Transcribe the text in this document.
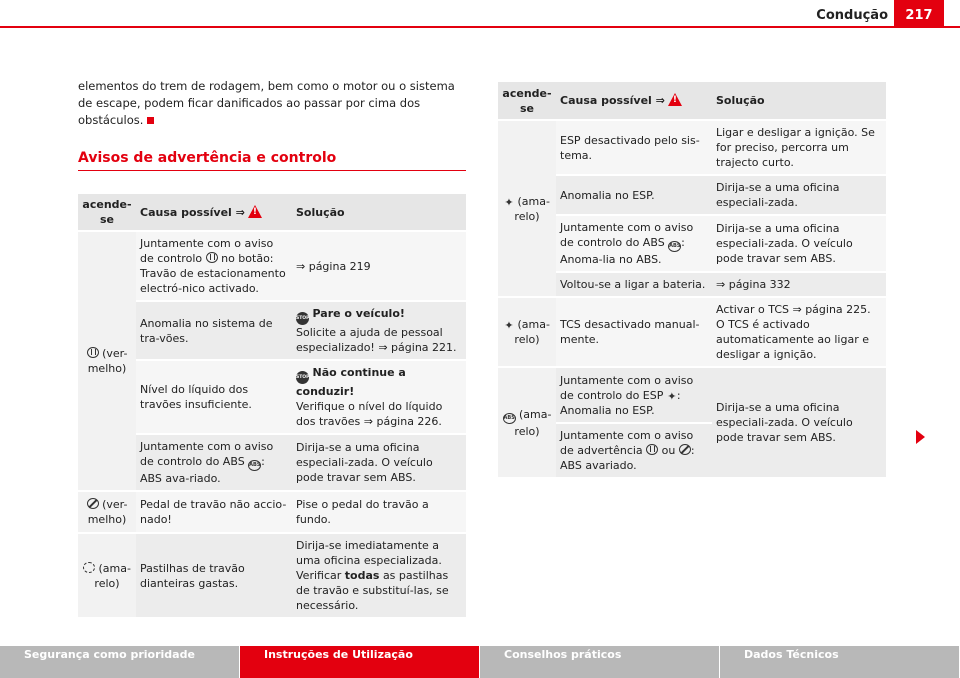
Condução	217

elementos do trem de rodagem, bem como o motor ou o sistema de escape, podem ficar danificados ao passar por cima dos obstáculos.

Avisos de advertência e controlo
acende-se	Causa possível ⇒!	Solução
(ver-melho)	Juntamente com o aviso de controlo no botão: Travão de estacionamento electró-nico activado.	⇒ página 219
	Anomalia no sistema de tra-vões.	STOP Pare o veículo!
Solicite a ajuda de pessoal especializado! ⇒ página 221.
	Nível do líquido dos travões insuficiente.	STOP Não continue a conduzir!
Verifique o nível do líquido dos travões ⇒ página 226.
	Juntamente com o aviso de controlo do ABS ABS: ABS ava-riado.	Dirija-se a uma oficina especiali-zada. O veículo pode travar sem ABS.
(ver-melho)	Pedal de travão não accio-nado!	Pise o pedal do travão a fundo.
(ama-relo)	Pastilhas de travão dianteiras gastas.	Dirija-se imediatamente a uma oficina especializada. Verificar todas as pastilhas de travão e substituí-las, se necessário.
acende-se	Causa possível ⇒!	Solução
✦ (ama-relo)	ESP desactivado pelo sis-tema.	Ligar e desligar a ignição. Se for preciso, percorra um trajecto curto.
	Anomalia no ESP.	Dirija-se a uma oficina especiali-zada.
	Juntamente com o aviso de controlo do ABS ABS: Anoma-lia no ABS.	Dirija-se a uma oficina especiali-zada. O veículo pode travar sem ABS.
	Voltou-se a ligar a bateria.	⇒ página 332
✦ (ama-relo)	TCS desactivado manual-mente.	Activar o TCS ⇒ página 225. O TCS é activado automaticamente ao ligar e desligar a ignição.
ABS (ama-relo)	Juntamente com o aviso de controlo do ESP ✦: Anomalia no ESP.	Dirija-se a uma oficina especiali-zada. O veículo pode travar sem ABS.
	Juntamente com o aviso de advertência ou : ABS avariado.	
Segurança como prioridade	Instruções de Utilização	Conselhos práticos	Dados Técnicos
